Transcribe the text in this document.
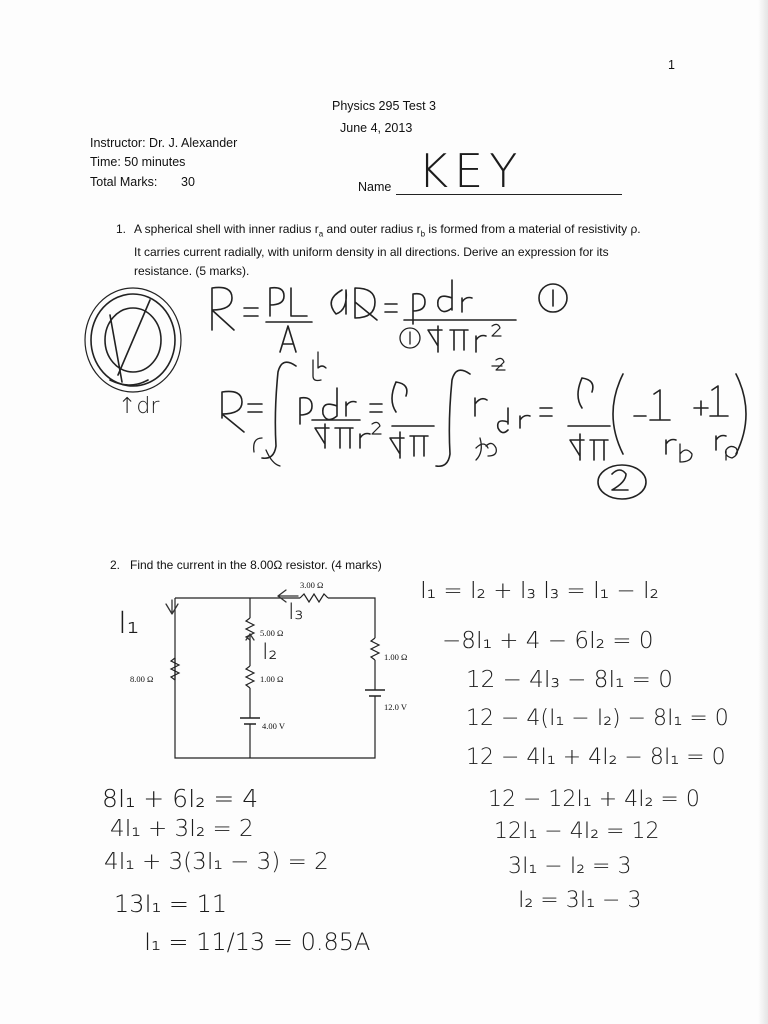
1
Physics 295 Test 3
June 4, 2013
Instructor: Dr. J. Alexander
Time: 50 minutes
Total Marks: 30	Name KEY
1. A spherical shell with inner radius $r_a$ and outer radius $r_b$ is formed from a material of resistivity ρ.
It carries current radially, with uniform density in all directions. Derive an expression for its
resistance. (5 marks).
↑dr
2. Find the current in the 8.00Ω resistor. (4 marks)
3.00 Ω
5.00 Ω
1.00 Ω
8.00 Ω
1.00 Ω
4.00 V
12.0 V
I₁
I₂
I₃
I₁ = I₂ + I₃ I₃ = I₁ − I₂
−8I₁ + 4 − 6I₂ = 0
12 − 4I₃ − 8I₁ = 0
12 − 4(I₁ − I₂) − 8I₁ = 0
12 − 4I₁ + 4I₂ − 8I₁ = 0
12 − 12I₁ + 4I₂ = 0
12I₁ − 4I₂ = 12
3I₁ − I₂ = 3
I₂ = 3I₁ − 3
8I₁ + 6I₂ = 4
4I₁ + 3I₂ = 2
4I₁ + 3(3I₁ − 3) = 2
13I₁ = 11
I₁ = 11/13 = 0.85A
